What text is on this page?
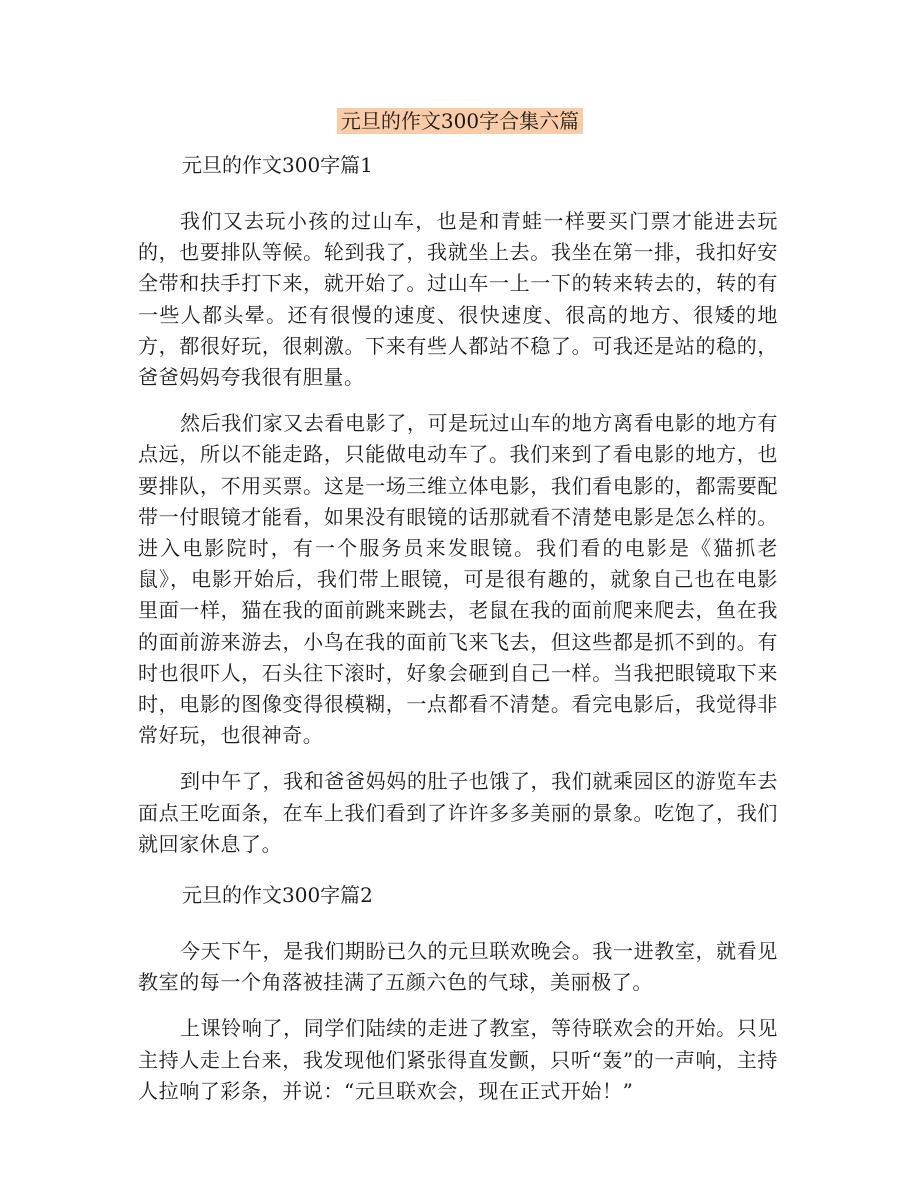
元旦的作文300字合集六篇
元旦的作文300字篇1

我们又去玩小孩的过山车，也是和青蛙一样要买门票才能进去玩的，也要排队等候。轮到我了，我就坐上去。我坐在第一排，我扣好安全带和扶手打下来，就开始了。过山车一上一下的转来转去的，转的有一些人都头晕。还有很慢的速度、很快速度、很高的地方、很矮的地方，都很好玩，很刺激。下来有些人都站不稳了。可我还是站的稳的，爸爸妈妈夸我很有胆量。

然后我们家又去看电影了，可是玩过山车的地方离看电影的地方有点远，所以不能走路，只能做电动车了。我们来到了看电影的地方，也要排队，不用买票。这是一场三维立体电影，我们看电影的，都需要配带一付眼镜才能看，如果没有眼镜的话那就看不清楚电影是怎么样的。进入电影院时，有一个服务员来发眼镜。我们看的电影是《猫抓老鼠》，电影开始后，我们带上眼镜，可是很有趣的，就象自己也在电影里面一样，猫在我的面前跳来跳去，老鼠在我的面前爬来爬去，鱼在我的面前游来游去，小鸟在我的面前飞来飞去，但这些都是抓不到的。有时也很吓人，石头往下滚时，好象会砸到自己一样。当我把眼镜取下来时，电影的图像变得很模糊，一点都看不清楚。看完电影后，我觉得非常好玩，也很神奇。

到中午了，我和爸爸妈妈的肚子也饿了，我们就乘园区的游览车去面点王吃面条，在车上我们看到了许许多多美丽的景象。吃饱了，我们就回家休息了。

元旦的作文300字篇2

今天下午，是我们期盼已久的元旦联欢晚会。我一进教室，就看见教室的每一个角落被挂满了五颜六色的气球，美丽极了。

上课铃响了，同学们陆续的走进了教室，等待联欢会的开始。只见主持人走上台来，我发现他们紧张得直发颤，只听“轰”的一声响，主持人拉响了彩条，并说：“元旦联欢会，现在正式开始！”
